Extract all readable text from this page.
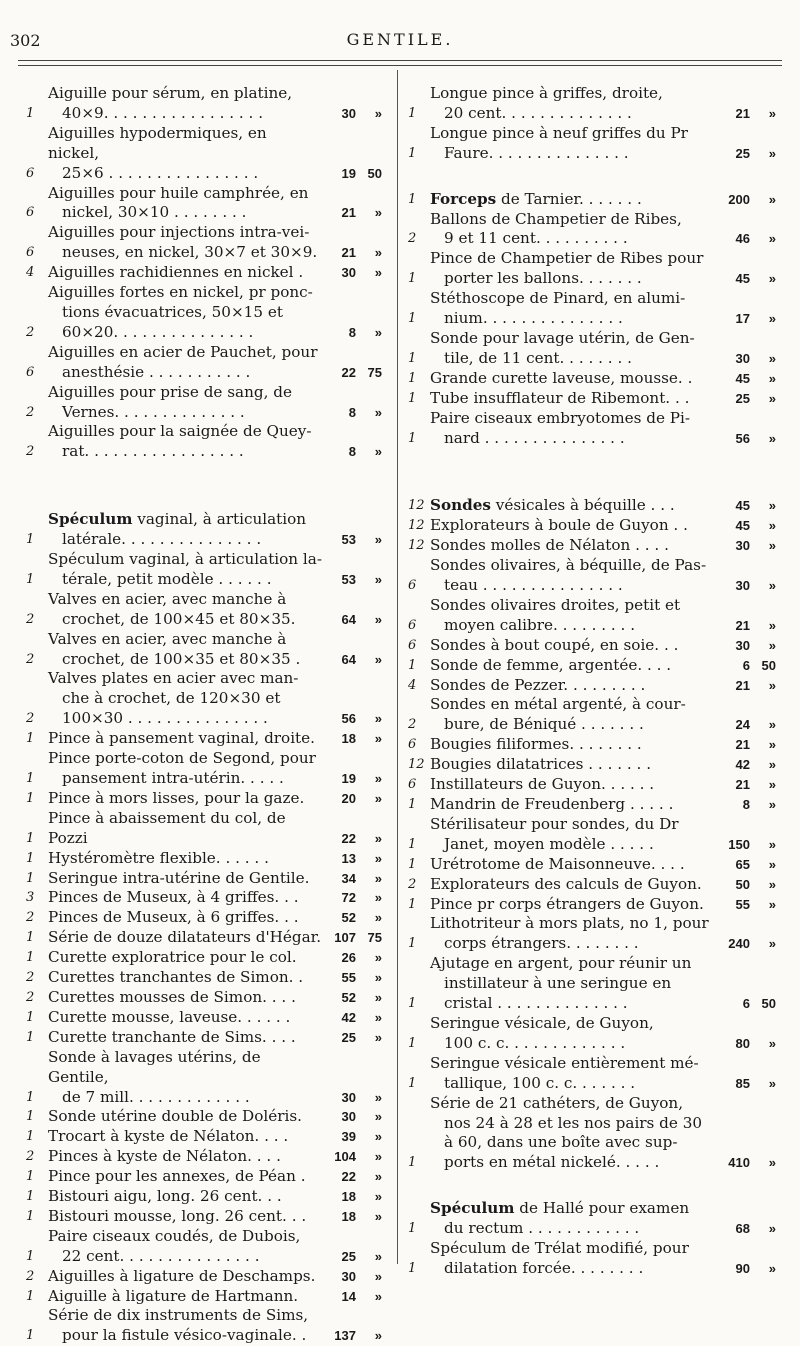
302	GENTILE.
1
Aiguille pour sérum, en platine,
40×9. . . . . . . . . . . . . . . . .	30	»
6
Aiguilles hypodermiques, en nickel,
25×6 . . . . . . . . . . . . . . . .	19 50
6
Aiguilles pour huile camphrée, en
nickel, 30×10 . . . . . . . .	21	»
6
Aiguilles pour injections intra-vei-
neuses, en nickel, 30×7 et 30×9.	21	»
4 Aiguilles rachidiennes en nickel .	30	»
2
Aiguilles fortes en nickel, pr ponc-
tions évacuatrices, 50×15 et
60×20. . . . . . . . . . . . . . .	8	»
6
Aiguilles en acier de Pauchet, pour
anesthésie . . . . . . . . . . .	22 75
2
Aiguilles pour prise de sang, de
Vernes. . . . . . . . . . . . . .	8	»
2
Aiguilles pour la saignée de Quey-
rat. . . . . . . . . . . . . . . . .	8	»
1
Spéculum vaginal, à articulation
latérale. . . . . . . . . . . . . . .	53	»
1
Spéculum vaginal, à articulation la-
térale, petit modèle . . . . . .	53	»
2
Valves en acier, avec manche à
crochet, de 100×45 et 80×35.	64	»
2
Valves en acier, avec manche à
crochet, de 100×35 et 80×35 .	64	»
2
Valves plates en acier avec man-
che à crochet, de 120×30 et
100×30 . . . . . . . . . . . . . . .	56	»
1 Pince à pansement vaginal, droite.	18	»
1
Pince porte-coton de Segond, pour
pansement intra-utérin. . . . .	19	»
1 Pince à mors lisses, pour la gaze.	20	»
1
Pince à abaissement du col, de Pozzi	22	»
1 Hystéromètre flexible. . . . . .	13	»
1 Seringue intra-utérine de Gentile.	34	»
3 Pinces de Museux, à 4 griffes. . .	72	»
2 Pinces de Museux, à 6 griffes. . .	52	»
1 Série de douze dilatateurs d'Hégar.	107 75
1 Curette exploratrice pour le col.	26	»
2 Curettes tranchantes de Simon. .	55	»
2 Curettes mousses de Simon. . . .	52	»
1 Curette mousse, laveuse. . . . . .	42	»
1 Curette tranchante de Sims. . . .	25	»
1
Sonde à lavages utérins, de Gentile,
de 7 mill. . . . . . . . . . . . .	30	»
1 Sonde utérine double de Doléris.	30	»
1 Trocart à kyste de Nélaton. . . .	39	»
2 Pinces à kyste de Nélaton. . . .	104	»
1 Pince pour les annexes, de Péan .	22	»
1 Bistouri aigu, long. 26 cent. . .	18	»
1 Bistouri mousse, long. 26 cent. . .	18	»
1
Paire ciseaux coudés, de Dubois,
22 cent. . . . . . . . . . . . . . .	25	»
2 Aiguilles à ligature de Deschamps.	30	»
1 Aiguille à ligature de Hartmann.	14	»
1
Série de dix instruments de Sims,
pour la fistule vésico-vaginale. .	137	»
1
Longue pince à griffes, droite,
20 cent. . . . . . . . . . . . . .	21	»
1
Longue pince à neuf griffes du Pr
Faure. . . . . . . . . . . . . . .	25	»
1 Forceps de Tarnier. . . . . . .	200	»
2
Ballons de Champetier de Ribes,
9 et 11 cent. . . . . . . . . .	46	»
1
Pince de Champetier de Ribes pour
porter les ballons. . . . . . .	45	»
1
Stéthoscope de Pinard, en alumi-
nium. . . . . . . . . . . . . . .	17	»
1
Sonde pour lavage utérin, de Gen-
tile, de 11 cent. . . . . . . .	30	»
1 Grande curette laveuse, mousse. .	45	»
1 Tube insufflateur de Ribemont. . .	25	»
1
Paire ciseaux embryotomes de Pi-
nard . . . . . . . . . . . . . . .	56	»
12 Sondes vésicales à béquille . . .	45	»
12 Explorateurs à boule de Guyon . .	45	»
12 Sondes molles de Nélaton . . . .	30	»
6
Sondes olivaires, à béquille, de Pas-
teau . . . . . . . . . . . . . . .	30	»
6
Sondes olivaires droites, petit et
moyen calibre. . . . . . . . .	21	»
6 Sondes à bout coupé, en soie. . .	30	»
1 Sonde de femme, argentée. . . .	6 50
4 Sondes de Pezzer. . . . . . . . .	21	»
2
Sondes en métal argenté, à cour-
bure, de Béniqué . . . . . . .	24	»
6 Bougies filiformes. . . . . . . .	21	»
12 Bougies dilatatrices . . . . . . .	42	»
6 Instillateurs de Guyon. . . . . .	21	»
1 Mandrin de Freudenberg . . . . .	8	»
1
Stérilisateur pour sondes, du Dr
Janet, moyen modèle . . . . .	150	»
1 Urétrotome de Maisonneuve. . . .	65	»
2 Explorateurs des calculs de Guyon.	50	»
1 Pince pr corps étrangers de Guyon.	55	»
1
Lithotriteur à mors plats, no 1, pour
corps étrangers. . . . . . . .	240	»
1
Ajutage en argent, pour réunir un
instillateur à une seringue en
cristal . . . . . . . . . . . . . .	6 50
1
Seringue vésicale, de Guyon,
100 c. c. . . . . . . . . . . . .	80	»
1
Seringue vésicale entièrement mé-
tallique, 100 c. c. . . . . . .	85	»
1
Série de 21 cathéters, de Guyon,
nos 24 à 28 et les nos pairs de 30
à 60, dans une boîte avec sup-
ports en métal nickelé. . . . .	410	»
1
Spéculum de Hallé pour examen
du rectum . . . . . . . . . . . .	68	»
1
Spéculum de Trélat modifié, pour
dilatation forcée. . . . . . . .	90	»
